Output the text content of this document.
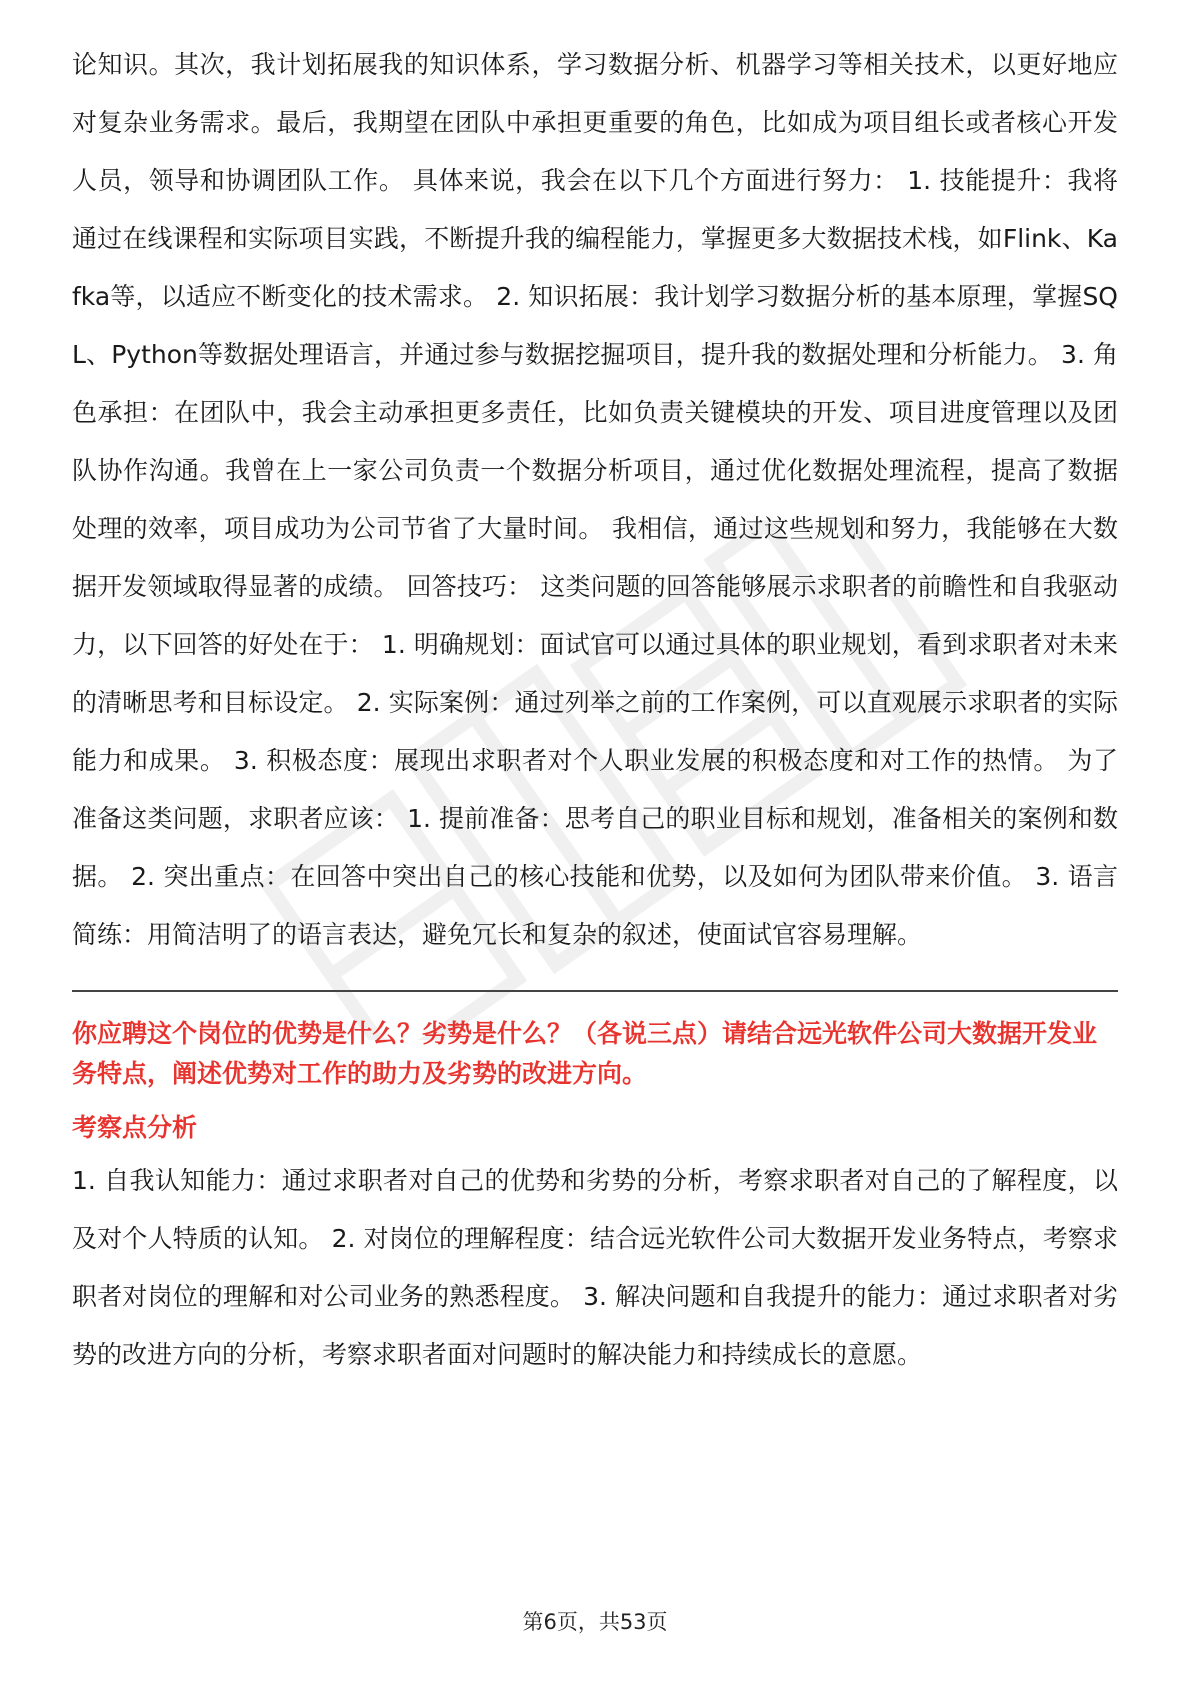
论知识。其次，我计划拓展我的知识体系，学习数据分析、机器学习等相关技术，以更好地应对复杂业务需求。最后，我期望在团队中承担更重要的角色，比如成为项目组长或者核心开发人员，领导和协调团队工作。 具体来说，我会在以下几个方面进行努力： 1. 技能提升：我将通过在线课程和实际项目实践，不断提升我的编程能力，掌握更多大数据技术栈，如Flink、Kafka等，以适应不断变化的技术需求。 2. 知识拓展：我计划学习数据分析的基本原理，掌握SQL、Python等数据处理语言，并通过参与数据挖掘项目，提升我的数据处理和分析能力。 3. 角色承担：在团队中，我会主动承担更多责任，比如负责关键模块的开发、项目进度管理以及团队协作沟通。我曾在上一家公司负责一个数据分析项目，通过优化数据处理流程，提高了数据处理的效率，项目成功为公司节省了大量时间。 我相信，通过这些规划和努力，我能够在大数据开发领域取得显著的成绩。 回答技巧： 这类问题的回答能够展示求职者的前瞻性和自我驱动力，以下回答的好处在于： 1. 明确规划：面试官可以通过具体的职业规划，看到求职者对未来的清晰思考和目标设定。 2. 实际案例：通过列举之前的工作案例，可以直观展示求职者的实际能力和成果。 3. 积极态度：展现出求职者对个人职业发展的积极态度和对工作的热情。 为了准备这类问题，求职者应该： 1. 提前准备：思考自己的职业目标和规划，准备相关的案例和数据。 2. 突出重点：在回答中突出自己的核心技能和优势，以及如何为团队带来价值。 3. 语言简练：用简洁明了的语言表达，避免冗长和复杂的叙述，使面试官容易理解。

你应聘这个岗位的优势是什么？劣势是什么？（各说三点）请结合远光软件公司大数据开发业务特点，阐述优势对工作的助力及劣势的改进方向。

考察点分析

1. 自我认知能力：通过求职者对自己的优势和劣势的分析，考察求职者对自己的了解程度，以及对个人特质的认知。 2. 对岗位的理解程度：结合远光软件公司大数据开发业务特点，考察求职者对岗位的理解和对公司业务的熟悉程度。 3. 解决问题和自我提升的能力：通过求职者对劣势的改进方向的分析，考察求职者面对问题时的解决能力和持续成长的意愿。

第6页，共53页
